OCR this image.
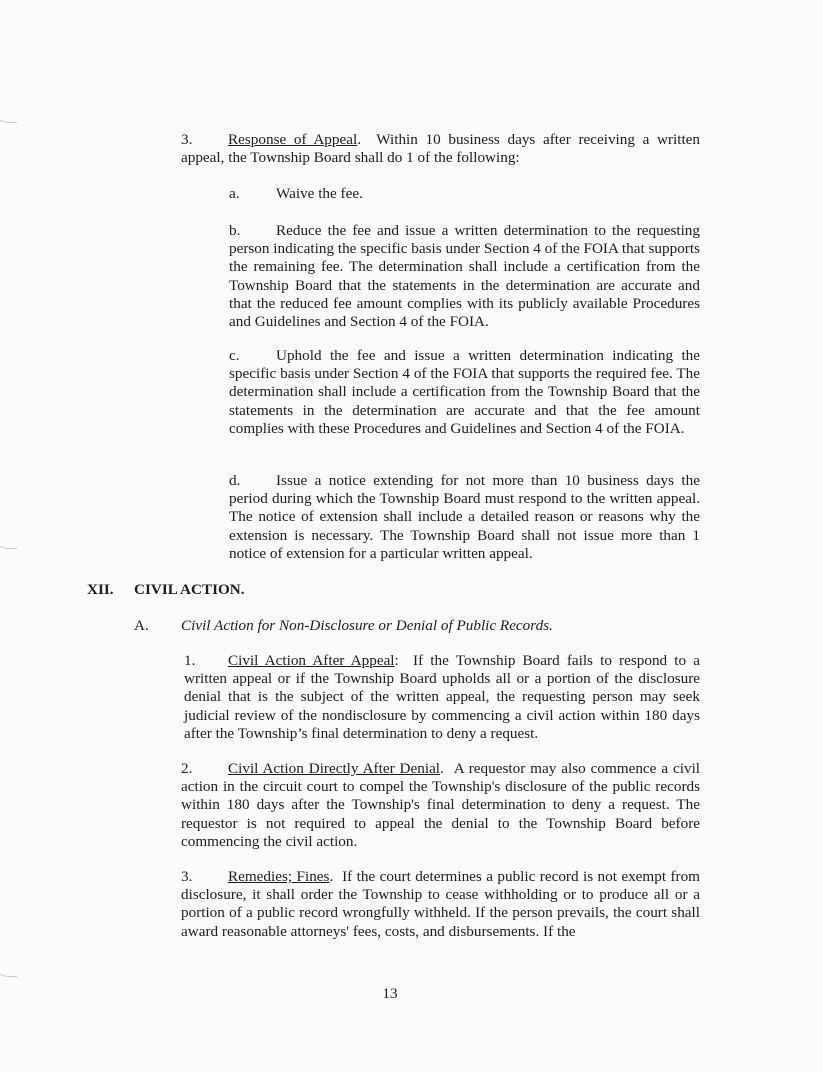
3. Response of Appeal.  Within 10 business days after receiving a written appeal, the Township Board shall do 1 of the following:

a. Waive the fee.

b. Reduce the fee and issue a written determination to the requesting person indicating the specific basis under Section 4 of the FOIA that supports the remaining fee. The determination shall include a certification from the Township Board that the statements in the determination are accurate and that the reduced fee amount complies with its publicly available Procedures and Guidelines and Section 4 of the FOIA.

c. Uphold the fee and issue a written determination indicating the specific basis under Section 4 of the FOIA that supports the required fee. The determination shall include a certification from the Township Board that the statements in the determination are accurate and that the fee amount complies with these Procedures and Guidelines and Section 4 of the FOIA.

d. Issue a notice extending for not more than 10 business days the period during which the Township Board must respond to the written appeal. The notice of extension shall include a detailed reason or reasons why the extension is necessary. The Township Board shall not issue more than 1 notice of extension for a particular written appeal.

XII. CIVIL ACTION.
A. Civil Action for Non-Disclosure or Denial of Public Records.

1. Civil Action After Appeal:  If the Township Board fails to respond to a written appeal or if the Township Board upholds all or a portion of the disclosure denial that is the subject of the written appeal, the requesting person may seek judicial review of the nondisclosure by commencing a civil action within 180 days after the Township’s final determination to deny a request.

2. Civil Action Directly After Denial.  A requestor may also commence a civil action in the circuit court to compel the Township's disclosure of the public records within 180 days after the Township's final determination to deny a request. The requestor is not required to appeal the denial to the Township Board before commencing the civil action.

3. Remedies; Fines.  If the court determines a public record is not exempt from disclosure, it shall order the Township to cease withholding or to produce all or a portion of a public record wrongfully withheld. If the person prevails, the court shall award reasonable attorneys' fees, costs, and disbursements. If the

13
